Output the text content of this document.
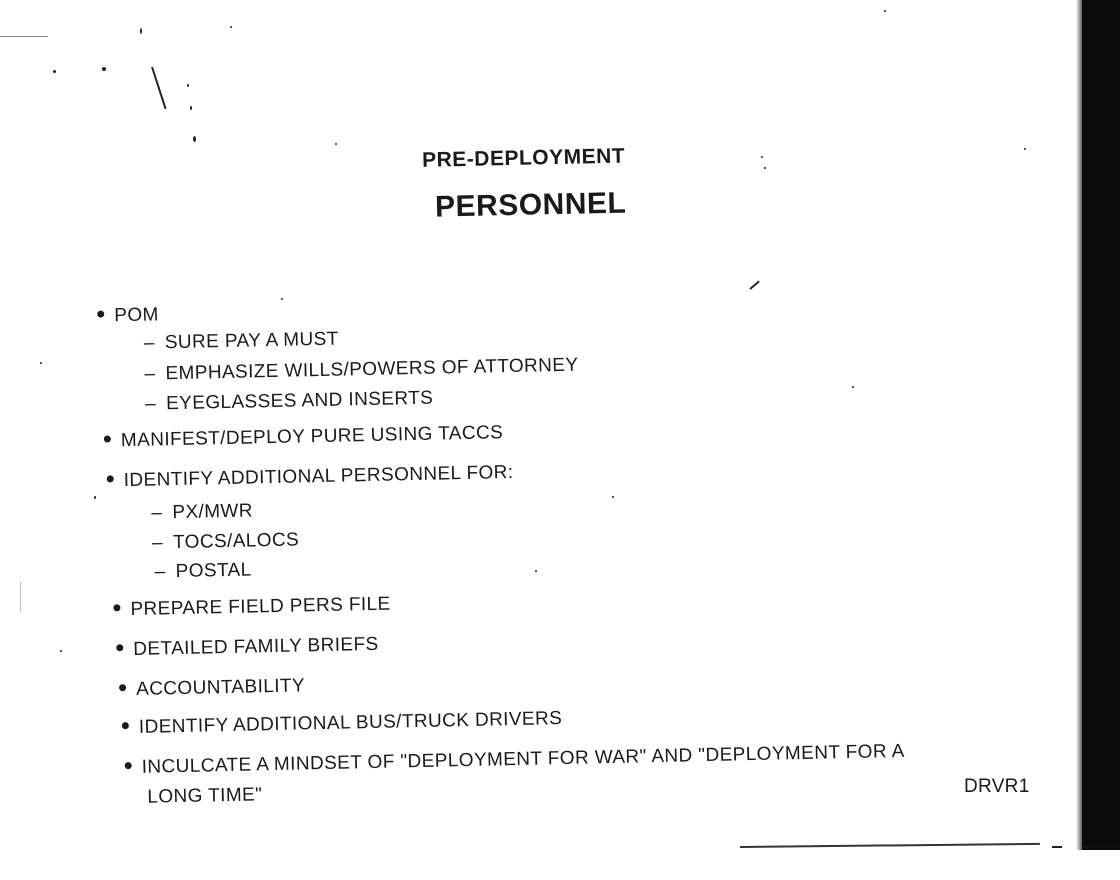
PRE-DEPLOYMENT
PERSONNEL
POM
– SURE PAY A MUST
– EMPHASIZE WILLS/POWERS OF ATTORNEY
– EYEGLASSES AND INSERTS
MANIFEST/DEPLOY PURE USING TACCS
IDENTIFY ADDITIONAL PERSONNEL FOR:
– PX/MWR
– TOCS/ALOCS
– POSTAL
PREPARE FIELD PERS FILE
DETAILED FAMILY BRIEFS
ACCOUNTABILITY
IDENTIFY ADDITIONAL BUS/TRUCK DRIVERS
INCULCATE A MINDSET OF "DEPLOYMENT FOR WAR" AND "DEPLOYMENT FOR A
LONG TIME"	DRVR1
